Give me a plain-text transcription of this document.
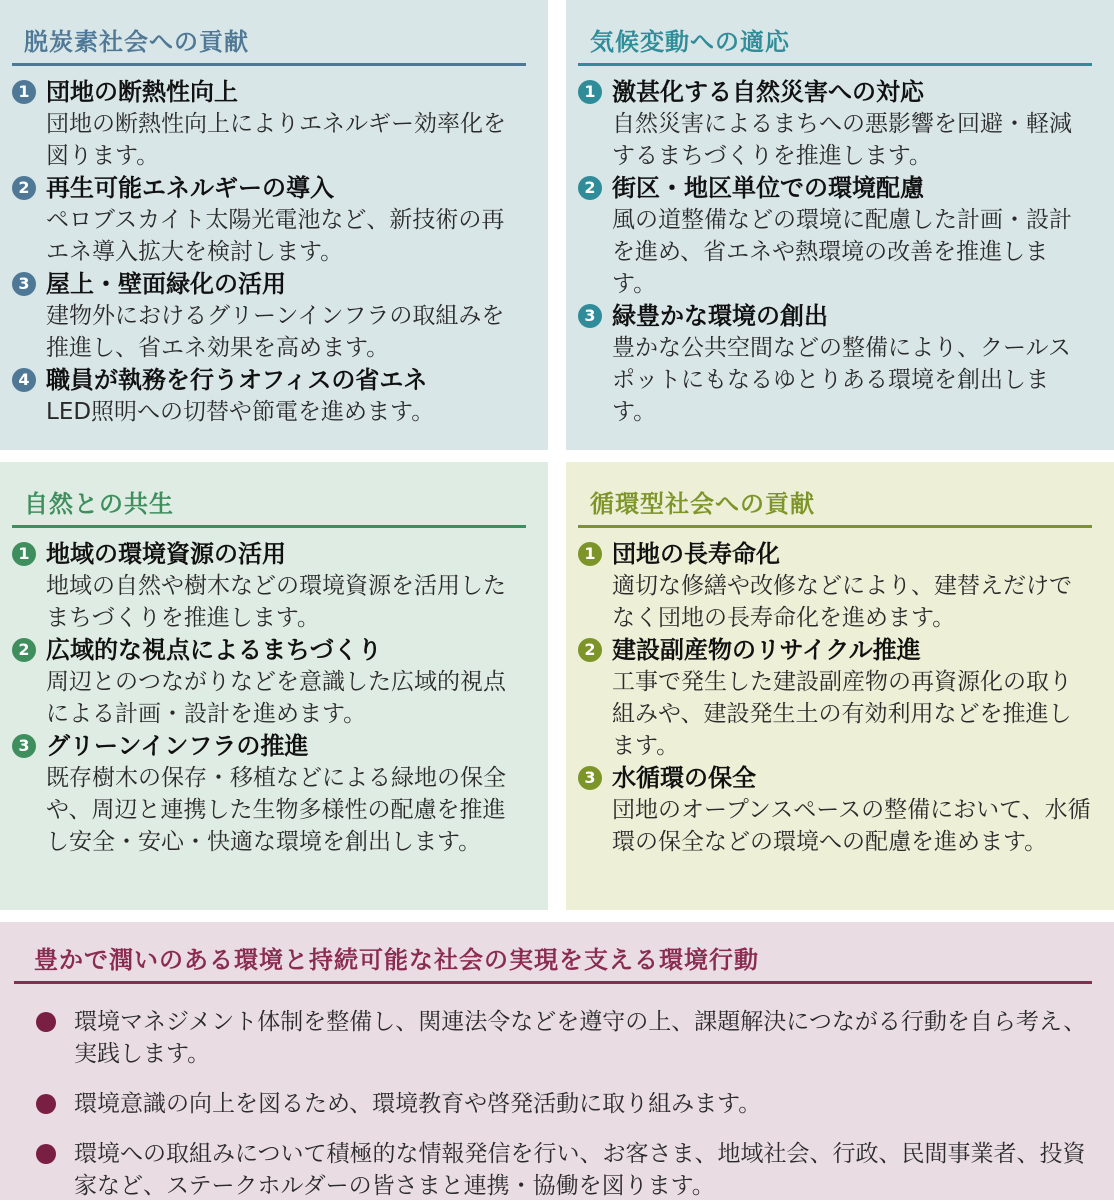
脱炭素社会への貢献
1 団地の断熱性向上
団地の断熱性向上によりエネルギー効率化を図ります。
2 再生可能エネルギーの導入
ペロブスカイト太陽光電池など、新技術の再エネ導入拡大を検討します。
3 屋上・壁面緑化の活用
建物外におけるグリーンインフラの取組みを推進し、省エネ効果を高めます。
4 職員が執務を行うオフィスの省エネ
LED照明への切替や節電を進めます。
気候変動への適応
1 激甚化する自然災害への対応
自然災害によるまちへの悪影響を回避・軽減するまちづくりを推進します。
2 街区・地区単位での環境配慮
風の道整備などの環境に配慮した計画・設計を進め、省エネや熱環境の改善を推進します。
3 緑豊かな環境の創出
豊かな公共空間などの整備により、クールスポットにもなるゆとりある環境を創出します。
自然との共生
1 地域の環境資源の活用
地域の自然や樹木などの環境資源を活用したまちづくりを推進します。
2 広域的な視点によるまちづくり
周辺とのつながりなどを意識した広域的視点による計画・設計を進めます。
3 グリーンインフラの推進
既存樹木の保存・移植などによる緑地の保全や、周辺と連携した生物多様性の配慮を推進し安全・安心・快適な環境を創出します。
循環型社会への貢献
1 団地の長寿命化
適切な修繕や改修などにより、建替えだけでなく団地の長寿命化を進めます。
2 建設副産物のリサイクル推進
工事で発生した建設副産物の再資源化の取り組みや、建設発生土の有効利用などを推進します。
3 水循環の保全
団地のオープンスペースの整備において、水循環の保全などの環境への配慮を進めます。
豊かで潤いのある環境と持続可能な社会の実現を支える環境行動
環境マネジメント体制を整備し、関連法令などを遵守の上、課題解決につながる行動を自ら考え、実践します。
環境意識の向上を図るため、環境教育や啓発活動に取り組みます。
環境への取組みについて積極的な情報発信を行い、お客さま、地域社会、行政、民間事業者、投資家など、ステークホルダーの皆さまと連携・協働を図ります。
